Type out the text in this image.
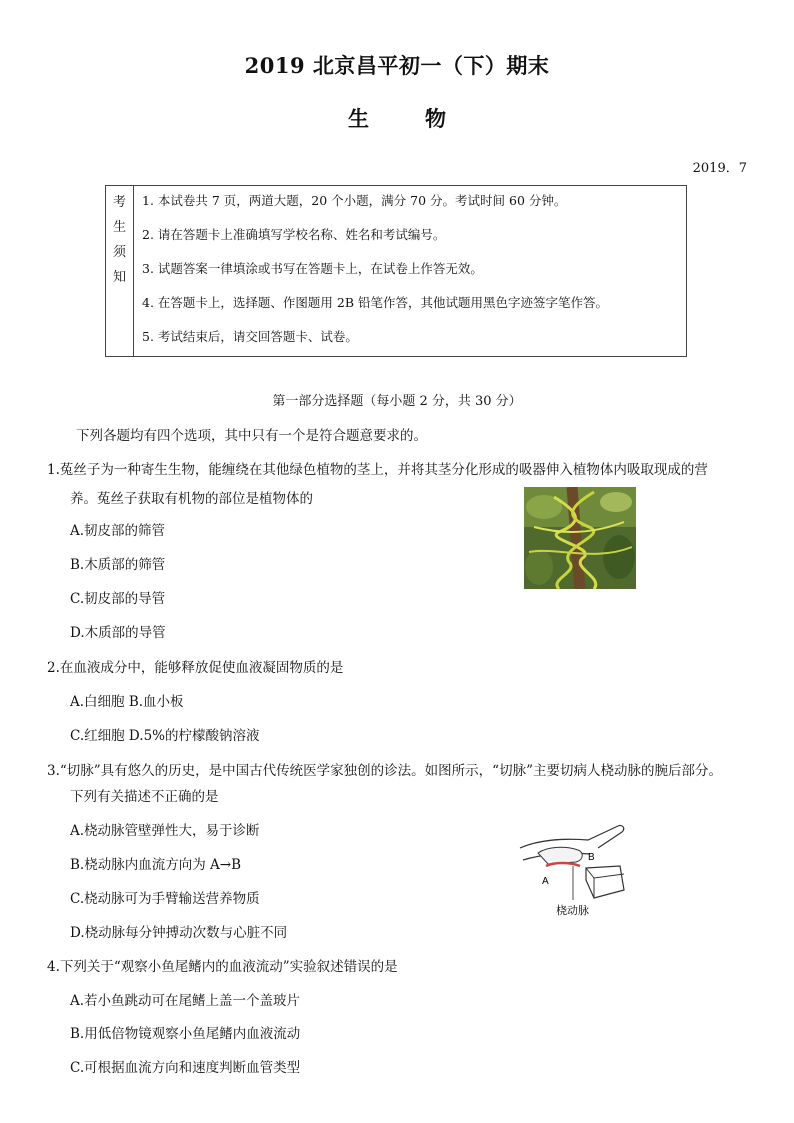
2019 北京昌平初一（下）期末
生	物
2019．7
考
生
须
知
1. 本试卷共 7 页，两道大题，20 个小题，满分 70 分。考试时间 60 分钟。
2. 请在答题卡上准确填写学校名称、姓名和考试编号。
3. 试题答案一律填涂或书写在答题卡上，在试卷上作答无效。
4. 在答题卡上，选择题、作图题用 2B 铅笔作答，其他试题用黑色字迹签字笔作答。
5. 考试结束后，请交回答题卡、试卷。
第一部分选择题（每小题 2 分，共 30 分）
下列各题均有四个选项，其中只有一个是符合题意要求的。
1.菟丝子为一种寄生生物，能缠绕在其他绿色植物的茎上，并将其茎分化形成的吸器伸入植物体内吸取现成的营
养。菟丝子获取有机物的部位是植物体的
A.韧皮部的筛管
B.木质部的筛管
C.韧皮部的导管
D.木质部的导管
2.在血液成分中，能够释放促使血液凝固物质的是
A.白细胞 B.血小板
C.红细胞 D.5%的柠檬酸钠溶液
3.“切脉”具有悠久的历史，是中国古代传统医学家独创的诊法。如图所示，“切脉”主要切病人桡动脉的腕后部分。
下列有关描述不正确的是
A.桡动脉管壁弹性大，易于诊断
B.桡动脉内血流方向为 A→B
C.桡动脉可为手臂输送营养物质
D.桡动脉每分钟搏动次数与心脏不同
A
B
桡动脉
4.下列关于“观察小鱼尾鳍内的血液流动”实验叙述错误的是
A.若小鱼跳动可在尾鳍上盖一个盖玻片
B.用低倍物镜观察小鱼尾鳍内血液流动
C.可根据血流方向和速度判断血管类型
